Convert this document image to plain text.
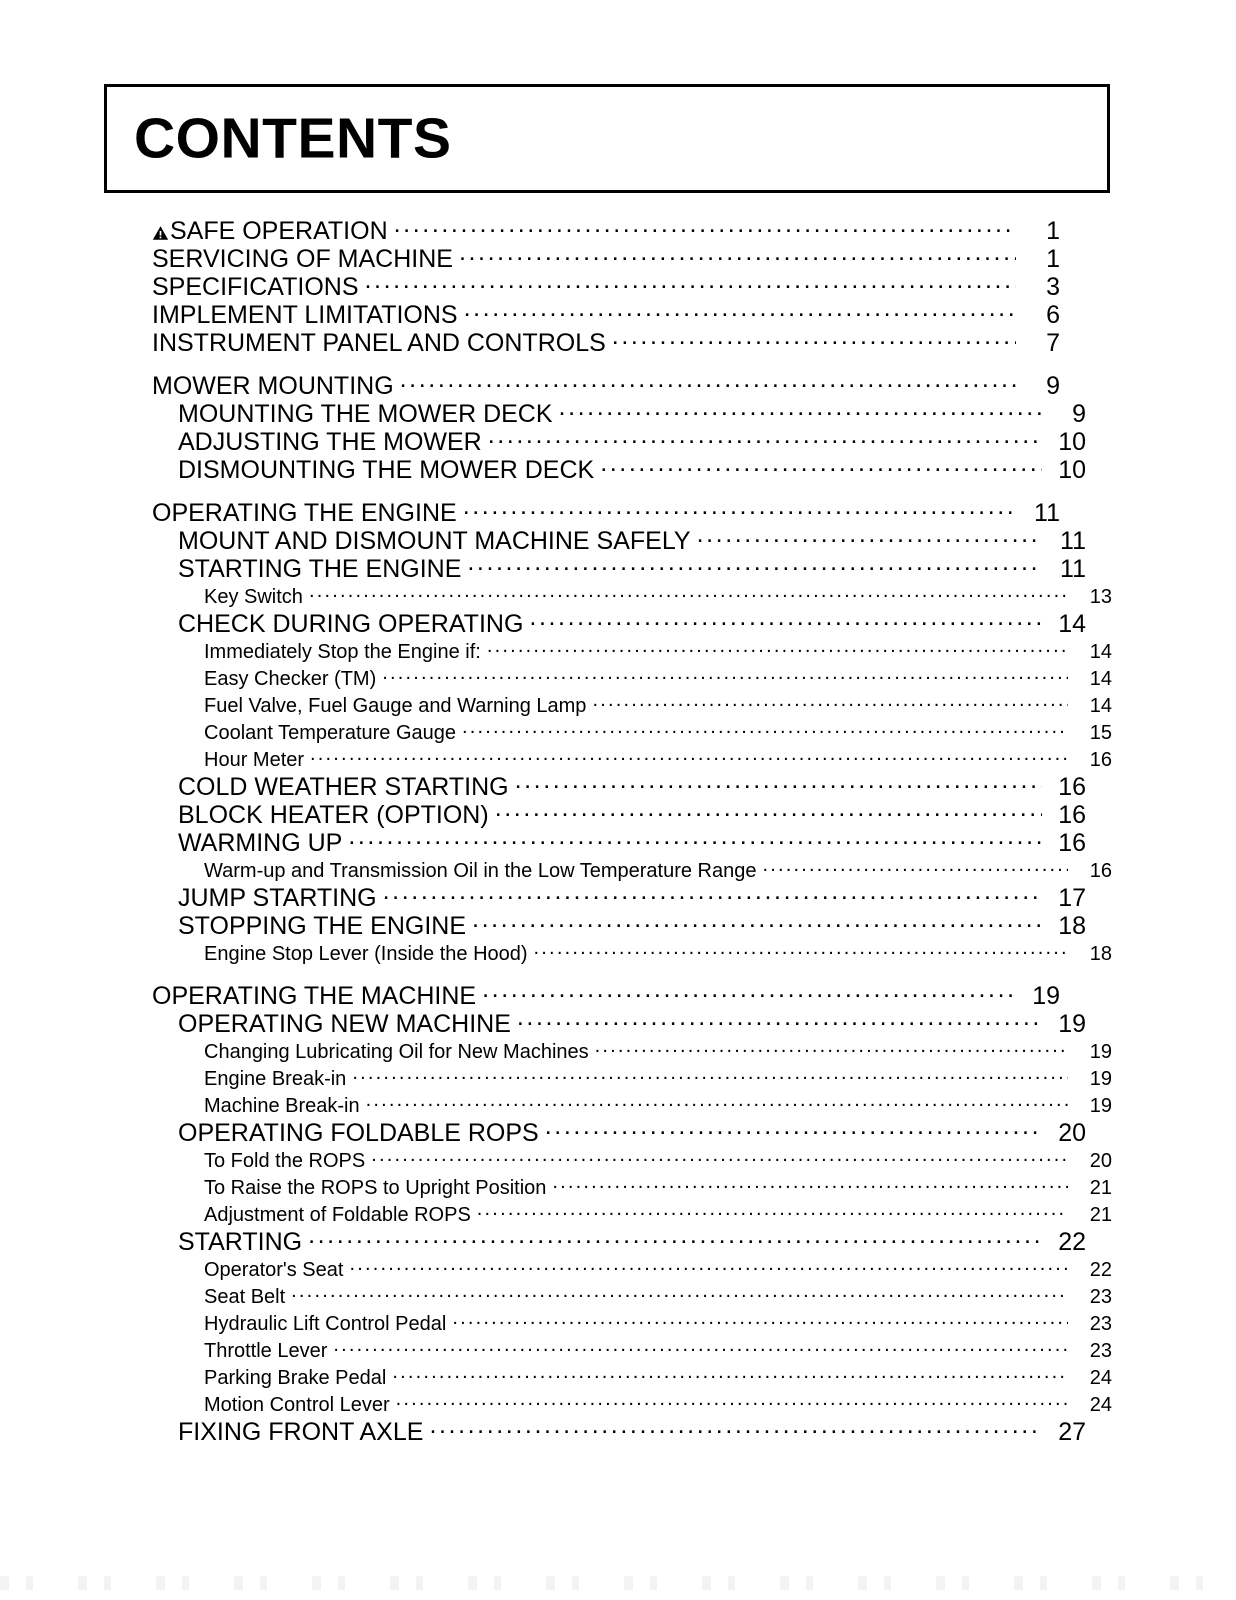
CONTENTS
SAFE OPERATION .....	1
SERVICING OF MACHINE .....	1
SPECIFICATIONS .....	3
IMPLEMENT LIMITATIONS .....	6
INSTRUMENT PANEL AND CONTROLS .....	7
MOWER MOUNTING .....	9
MOUNTING THE MOWER DECK .....	9
ADJUSTING THE MOWER .....	10
DISMOUNTING THE MOWER DECK .....	10
OPERATING THE ENGINE .....	11
MOUNT AND DISMOUNT MACHINE SAFELY .....	11
STARTING THE ENGINE .....	11
Key Switch .....	13
CHECK DURING OPERATING .....	14
Immediately Stop the Engine if: .....	14
Easy Checker (TM) .....	14
Fuel Valve, Fuel Gauge and Warning Lamp .....	14
Coolant Temperature Gauge .....	15
Hour Meter .....	16
COLD WEATHER STARTING .....	16
BLOCK HEATER (OPTION) .....	16
WARMING UP .....	16
Warm-up and Transmission Oil in the Low Temperature Range .....	16
JUMP STARTING .....	17
STOPPING THE ENGINE .....	18
Engine Stop Lever (Inside the Hood) .....	18
OPERATING THE MACHINE .....	19
OPERATING NEW MACHINE .....	19
Changing Lubricating Oil for New Machines .....	19
Engine Break-in .....	19
Machine Break-in .....	19
OPERATING FOLDABLE ROPS .....	20
To Fold the ROPS .....	20
To Raise the ROPS to Upright Position .....	21
Adjustment of Foldable ROPS .....	21
STARTING .....	22
Operator's Seat .....	22
Seat Belt .....	23
Hydraulic Lift Control Pedal .....	23
Throttle Lever .....	23
Parking Brake Pedal .....	24
Motion Control Lever .....	24
FIXING FRONT AXLE .....	27
